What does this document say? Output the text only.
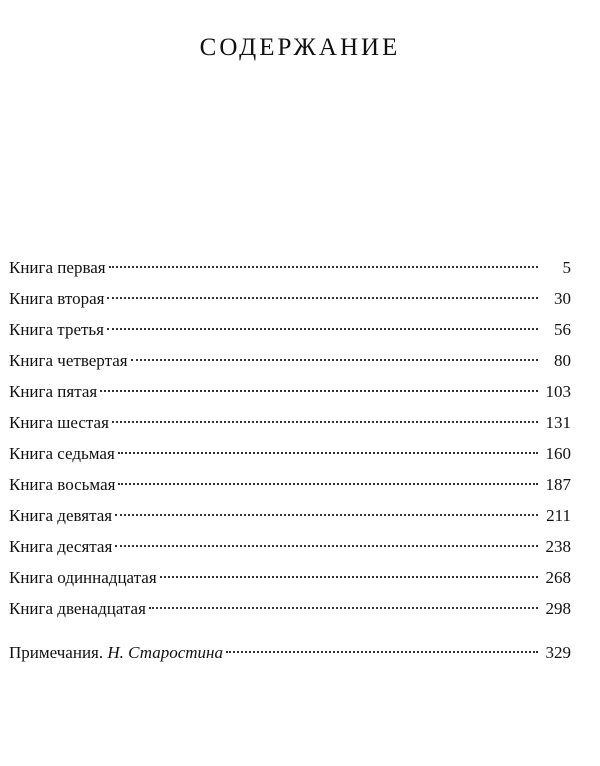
СОДЕРЖАНИЕ
Книга первая	5
Книга вторая	30
Книга третья	56
Книга четвертая	80
Книга пятая	103
Книга шестая	131
Книга седьмая	160
Книга восьмая	187
Книга девятая	211
Книга десятая	238
Книга одиннадцатая	268
Книга двенадцатая	298
Примечания. Н. Старостина	329
